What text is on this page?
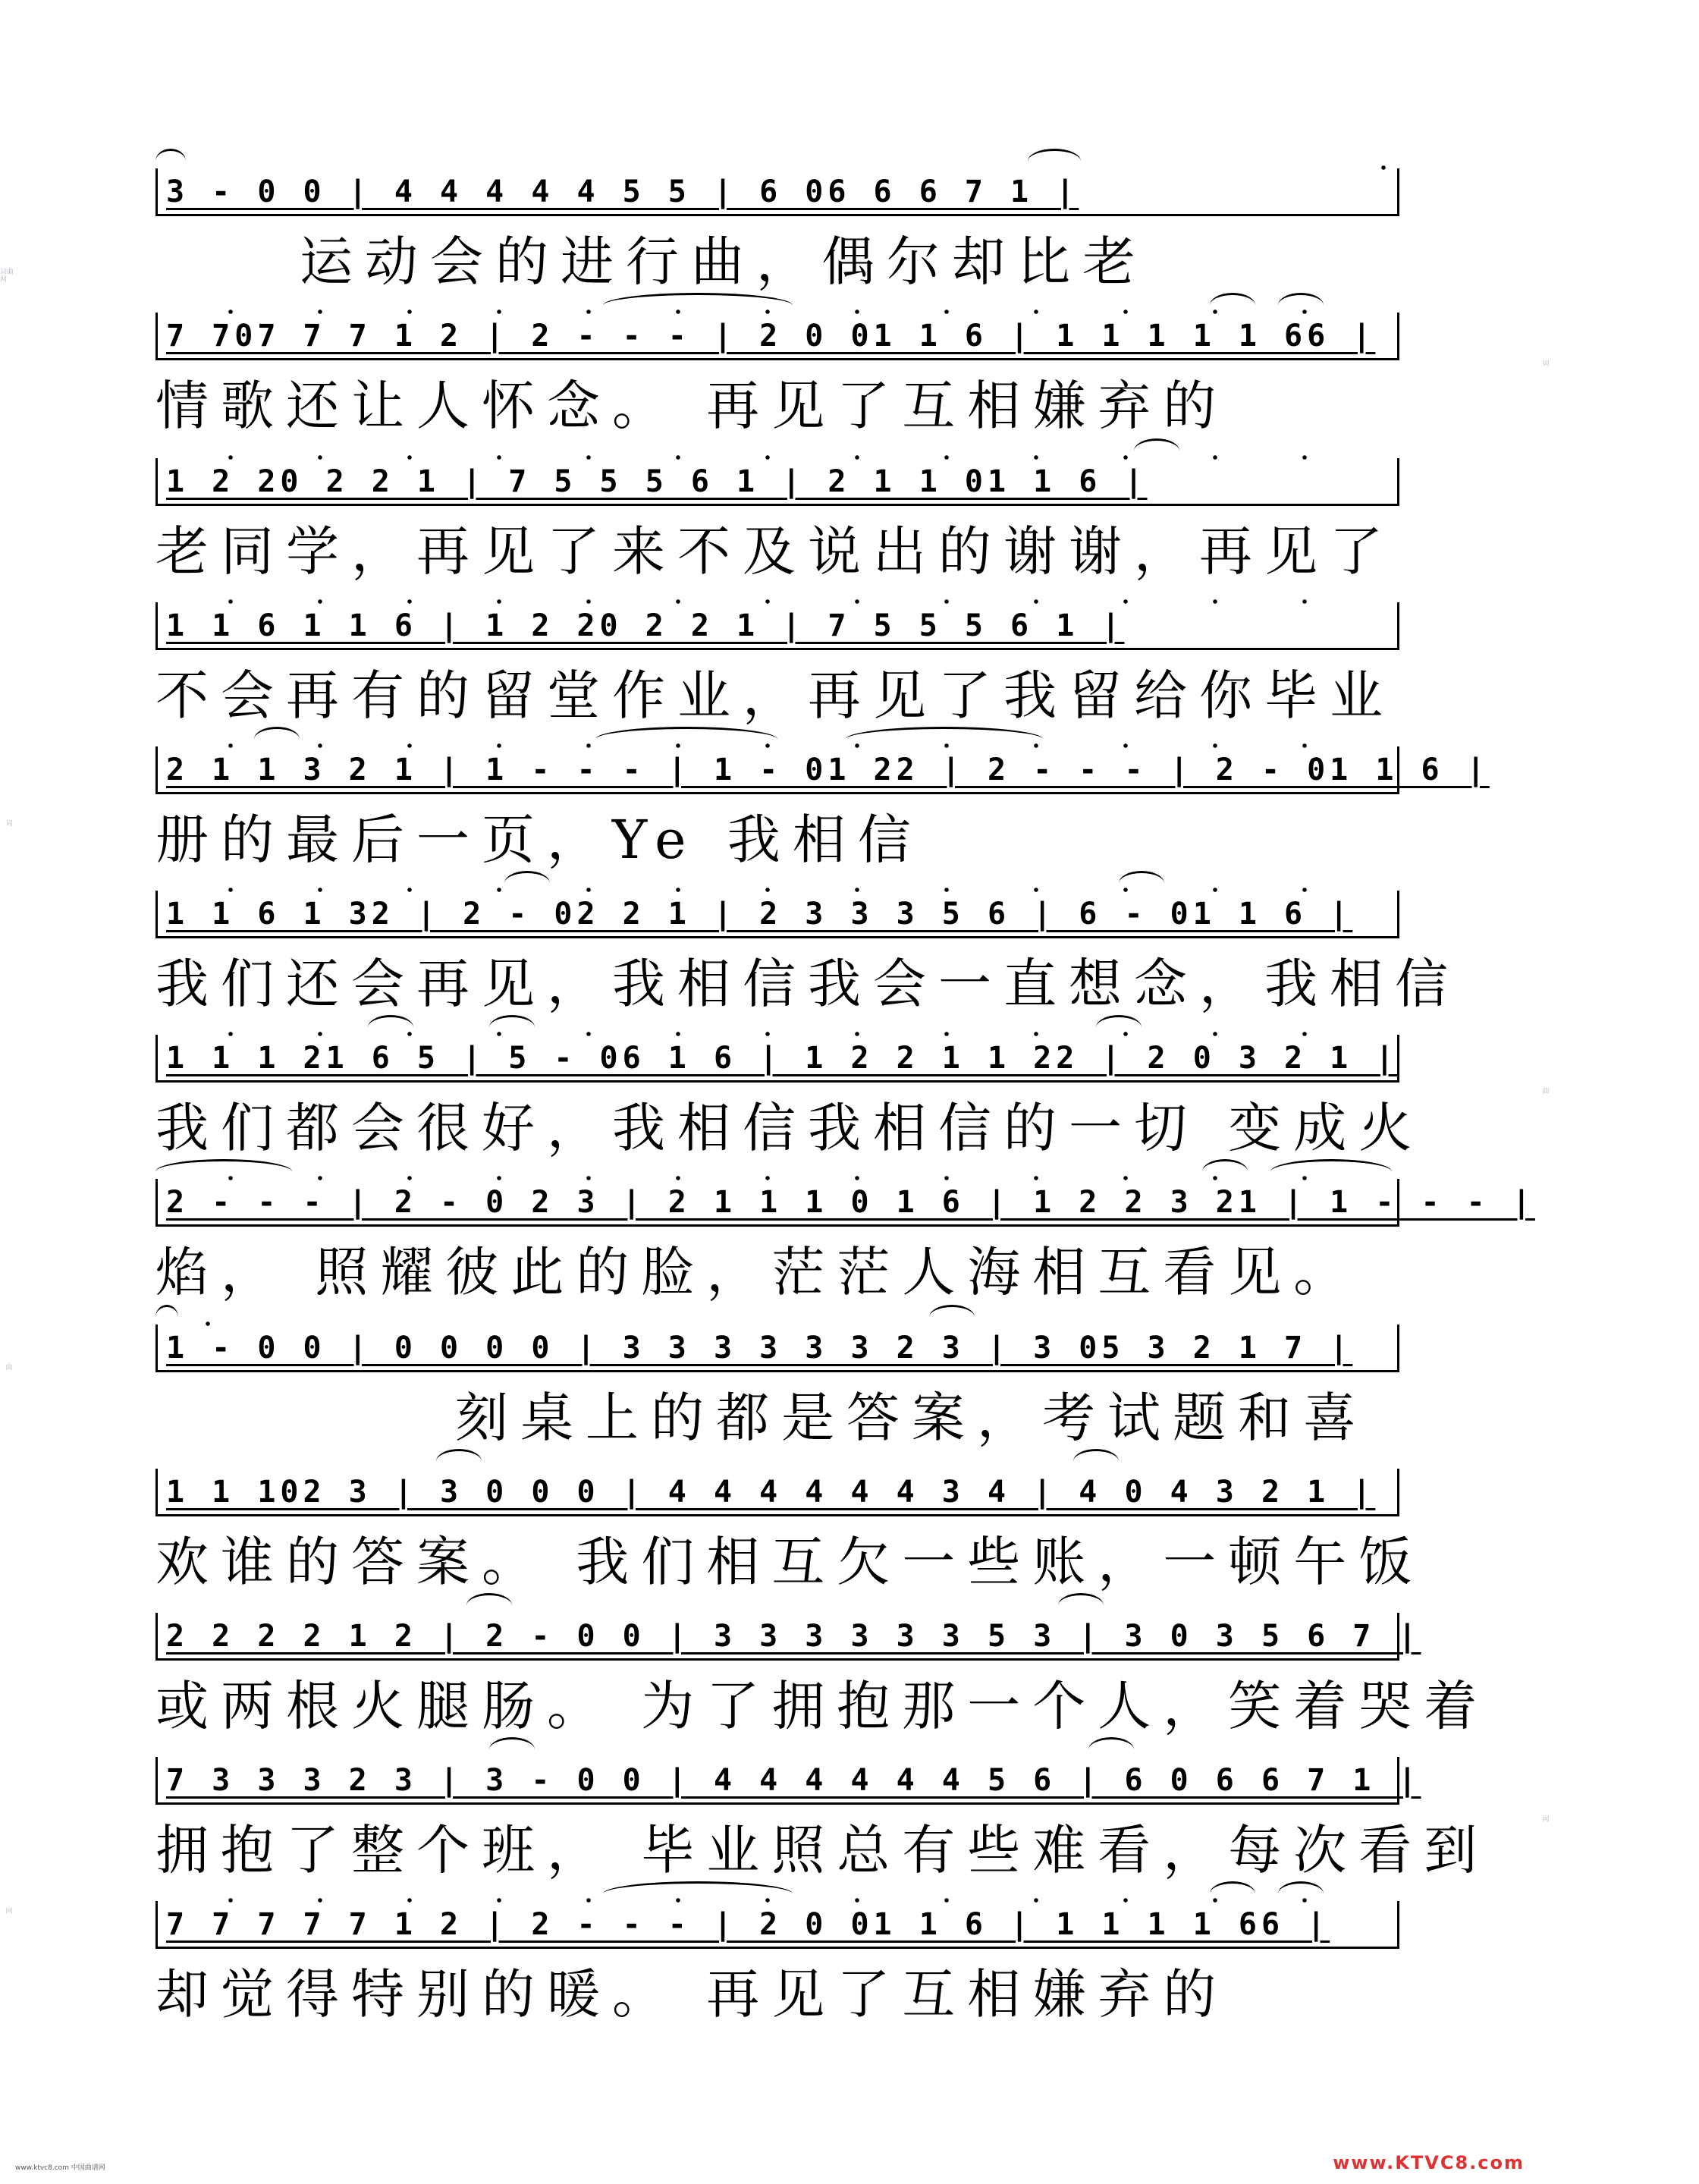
词曲网
词
曲
网
词
曲
网
3 - 0 0 | 4 4 4 4 4 5 5 | 6 06 6 6 7 1 |
运动会的进行曲，偶尔却比老
7 707 7 7 1 2 | 2 - - - | 2 0 01 1 6 | 1 1 1 1 1 66 |
情歌还让人怀念。 再见了互相嫌弃的
1 2 20 2 2 1 | 7 5 5 5 6 1 | 2 1 1 01 1 6 |
老同学，再见了来不及说出的谢谢，再见了
1 1 6 1 1 6 | 1 2 20 2 2 1 | 7 5 5 5 6 1 |
不会再有的留堂作业，再见了我留给你毕业
2 1 1 3 2 1 | 1 - - - | 1 - 01 22 | 2 - - - | 2 - 01 1 6 |
册的最后一页，Ye 我相信
1 1 6 1 32 | 2 - 02 2 1 | 2 3 3 3 5 6 | 6 - 01 1 6 |
我们还会再见，我相信我会一直想念，我相信
1 1 1 21 6 5 | 5 - 06 1 6 | 1 2 2 1 1 22 | 2 0 3 2 1 |
我们都会很好，我相信我相信的一切 变成火
2 - - - | 2 - 0 2 3 | 2 1 1 1 0 1 6 | 1 2 2 3 21 | 1 - - - |
焰， 照耀彼此的脸，茫茫人海相互看见。
1 - 0 0 | 0 0 0 0 | 3 3 3 3 3 3 2 3 | 3 05 3 2 1 7 |
刻桌上的都是答案，考试题和喜
1 1 102 3 | 3 0 0 0 | 4 4 4 4 4 4 3 4 | 4 0 4 3 2 1 |
欢谁的答案。 我们相互欠一些账，一顿午饭
2 2 2 2 1 2 | 2 - 0 0 | 3 3 3 3 3 3 5 3 | 3 0 3 5 6 7 |
或两根火腿肠。 为了拥抱那一个人，笑着哭着
7 3 3 3 2 3 | 3 - 0 0 | 4 4 4 4 4 4 5 6 | 6 0 6 6 7 1 |
拥抱了整个班， 毕业照总有些难看，每次看到
7 7 7 7 7 1 2 | 2 - - - | 2 0 01 1 6 | 1 1 1 1 66 |
却觉得特别的暖。 再见了互相嫌弃的
www.ktvc8.com 中国曲谱网	www.KTVC8.com
